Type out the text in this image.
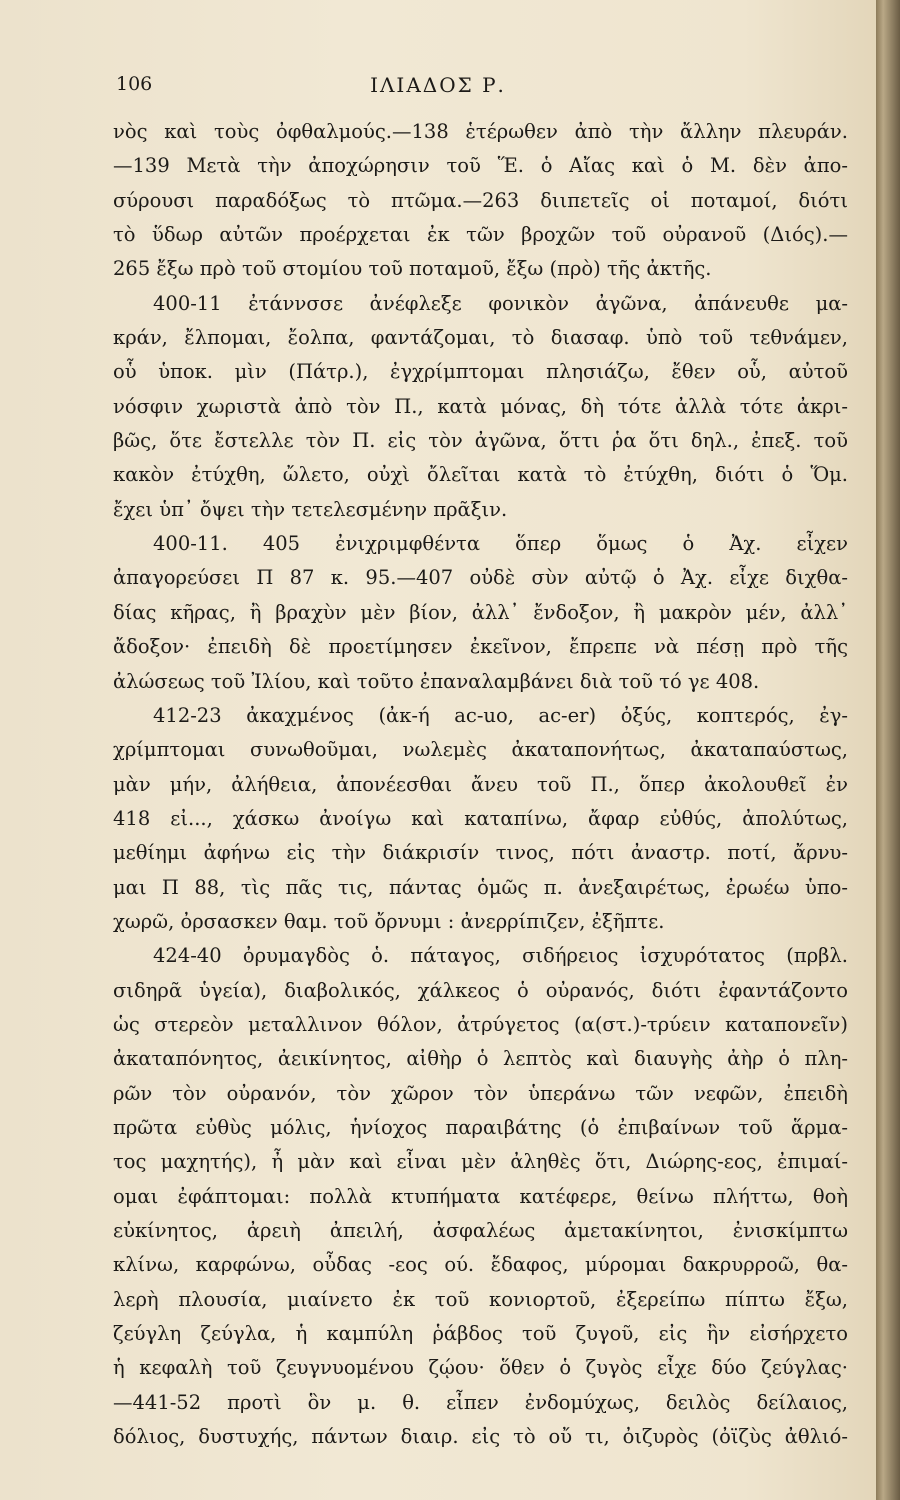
106	ΙΛΙΑΔΟΣ Ρ.
νὸς καὶ τοὺς ὀφθαλμούς.—138 ἑτέρωθεν ἀπὸ τὴν ἄλλην πλευράν.
—139 Μετὰ τὴν ἀποχώρησιν τοῦ Ἕ. ὁ Αἴας καὶ ὁ Μ. δὲν ἀπο-
σύρουσι παραδόξως τὸ πτῶμα.—263 διιπετεῖς οἱ ποταμοί, διότι
τὸ ὕδωρ αὐτῶν προέρχεται ἐκ τῶν βροχῶν τοῦ οὐρανοῦ (Διός).—
265 ἔξω πρὸ τοῦ στομίου τοῦ ποταμοῦ, ἔξω (πρὸ) τῆς ἀκτῆς.
400-11 ἐτάννσσε ἀνέφλεξε φονικὸν ἀγῶνα, ἀπάνευθε μα-
κράν, ἔλπομαι, ἔολπα, φαντάζομαι, τὸ διασαφ. ὑπὸ τοῦ τεθνάμεν,
οὗ ὑποκ. μὶν (Πάτρ.), ἐγχρίμπτομαι πλησιάζω, ἔθεν οὗ, αὐτοῦ
νόσφιν χωριστὰ ἀπὸ τὸν Π., κατὰ μόνας, δὴ τότε ἀλλὰ τότε ἀκρι-
βῶς, ὅτε ἔστελλε τὸν Π. εἰς τὸν ἀγῶνα, ὅττι ῥα ὅτι δηλ., ἐπεξ. τοῦ
κακὸν ἐτύχθη, ὤλετο, οὐχὶ ὄλεῖται κατὰ τὸ ἐτύχθη, διότι ὁ Ὅμ.
ἔχει ὑπ᾿ ὄψει τὴν τετελεσμένην πρᾶξιν.
400-11. 405 ἐνιχριμφθέντα ὅπερ ὅμως ὁ Ἀχ. εἶχεν
ἀπαγορεύσει Π 87 κ. 95.—407 οὐδὲ σὺν αὐτῷ ὁ Ἀχ. εἶχε διχθα-
δίας κῆρας, ἢ βραχὺν μὲν βίον, ἀλλ᾿ ἔνδοξον, ἢ μακρὸν μέν, ἀλλ᾿
ἄδοξον· ἐπειδὴ δὲ προετίμησεν ἐκεῖνον, ἔπρεπε νὰ πέσῃ πρὸ τῆς
ἀλώσεως τοῦ Ἰλίου, καὶ τοῦτο ἐπαναλαμβάνει διὰ τοῦ τό γε 408.
412-23 ἀκαχμένος (ἀκ-ή ac-uo, ac-er) ὀξύς, κοπτερός, ἐγ-
χρίμπτομαι συνωθοῦμαι, νωλεμὲς ἀκαταπονήτως, ἀκαταπαύστως,
μὰν μήν, ἀλήθεια, ἀπονέεσθαι ἄνευ τοῦ Π., ὅπερ ἀκολουθεῖ ἐν
418 εἰ..., χάσκω ἀνοίγω καὶ καταπίνω, ἄφαρ εὐθύς, ἀπολύτως,
μεθίημι ἀφήνω εἰς τὴν διάκρισίν τινος, πότι ἀναστρ. ποτί, ἄρνυ-
μαι Π 88, τὶς πᾶς τις, πάντας ὁμῶς π. ἀνεξαιρέτως, ἐρωέω ὑπο-
χωρῶ, ὀρσασκεν θαμ. τοῦ ὄρνυμι : ἀνερρίπιζεν, ἐξῆπτε.
424-40 ὀρυμαγδὸς ὁ. πάταγος, σιδήρειος ἰσχυρότατος (πρβλ.
σιδηρᾶ ὑγεία), διαβολικός, χάλκεος ὁ οὐρανός, διότι ἐφαντάζοντο
ὡς στερεὸν μεταλλινον θόλον, ἀτρύγετος (α(στ.)-τρύειν καταπονεῖν)
ἀκαταπόνητος, ἀεικίνητος, αἰθὴρ ὁ λεπτὸς καὶ διαυγὴς ἀὴρ ὁ πλη-
ρῶν τὸν οὐρανόν, τὸν χῶρον τὸν ὑπεράνω τῶν νεφῶν, ἐπειδὴ
πρῶτα εὐθὺς μόλις, ἡνίοχος παραιβάτης (ὁ ἐπιβαίνων τοῦ ἅρμα-
τος μαχητής), ἦ μὰν καὶ εἶναι μὲν ἀληθὲς ὅτι, Διώρης-εος, ἐπιμαί-
ομαι ἐφάπτομαι: πολλὰ κτυπήματα κατέφερε, θείνω πλήττω, θοὴ
εὐκίνητος, ἀρειὴ ἀπειλή, ἀσφαλέως ἀμετακίνητοι, ἐνισκίμπτω
κλίνω, καρφώνω, οὖδας -εος ού. ἔδαφος, μύρομαι δακρυρροῶ, θα-
λερὴ πλουσία, μιαίνετο ἐκ τοῦ κονιορτοῦ, ἐξερείπω πίπτω ἔξω,
ζεύγλη ζεύγλα, ἡ καμπύλη ῥάβδος τοῦ ζυγοῦ, εἰς ἣν εἰσήρχετο
ἡ κεφαλὴ τοῦ ζευγνυομένου ζῴου· ὅθεν ὁ ζυγὸς εἶχε δύο ζεύγλας·
—441-52 προτὶ ὃν μ. θ. εἶπεν ἐνδομύχως, δειλὸς δείλαιος,
δόλιος, δυστυχής, πάντων διαιρ. εἰς τὸ οὔ τι, ὀιζυρὸς (ὀϊζὺς ἀθλιό-
